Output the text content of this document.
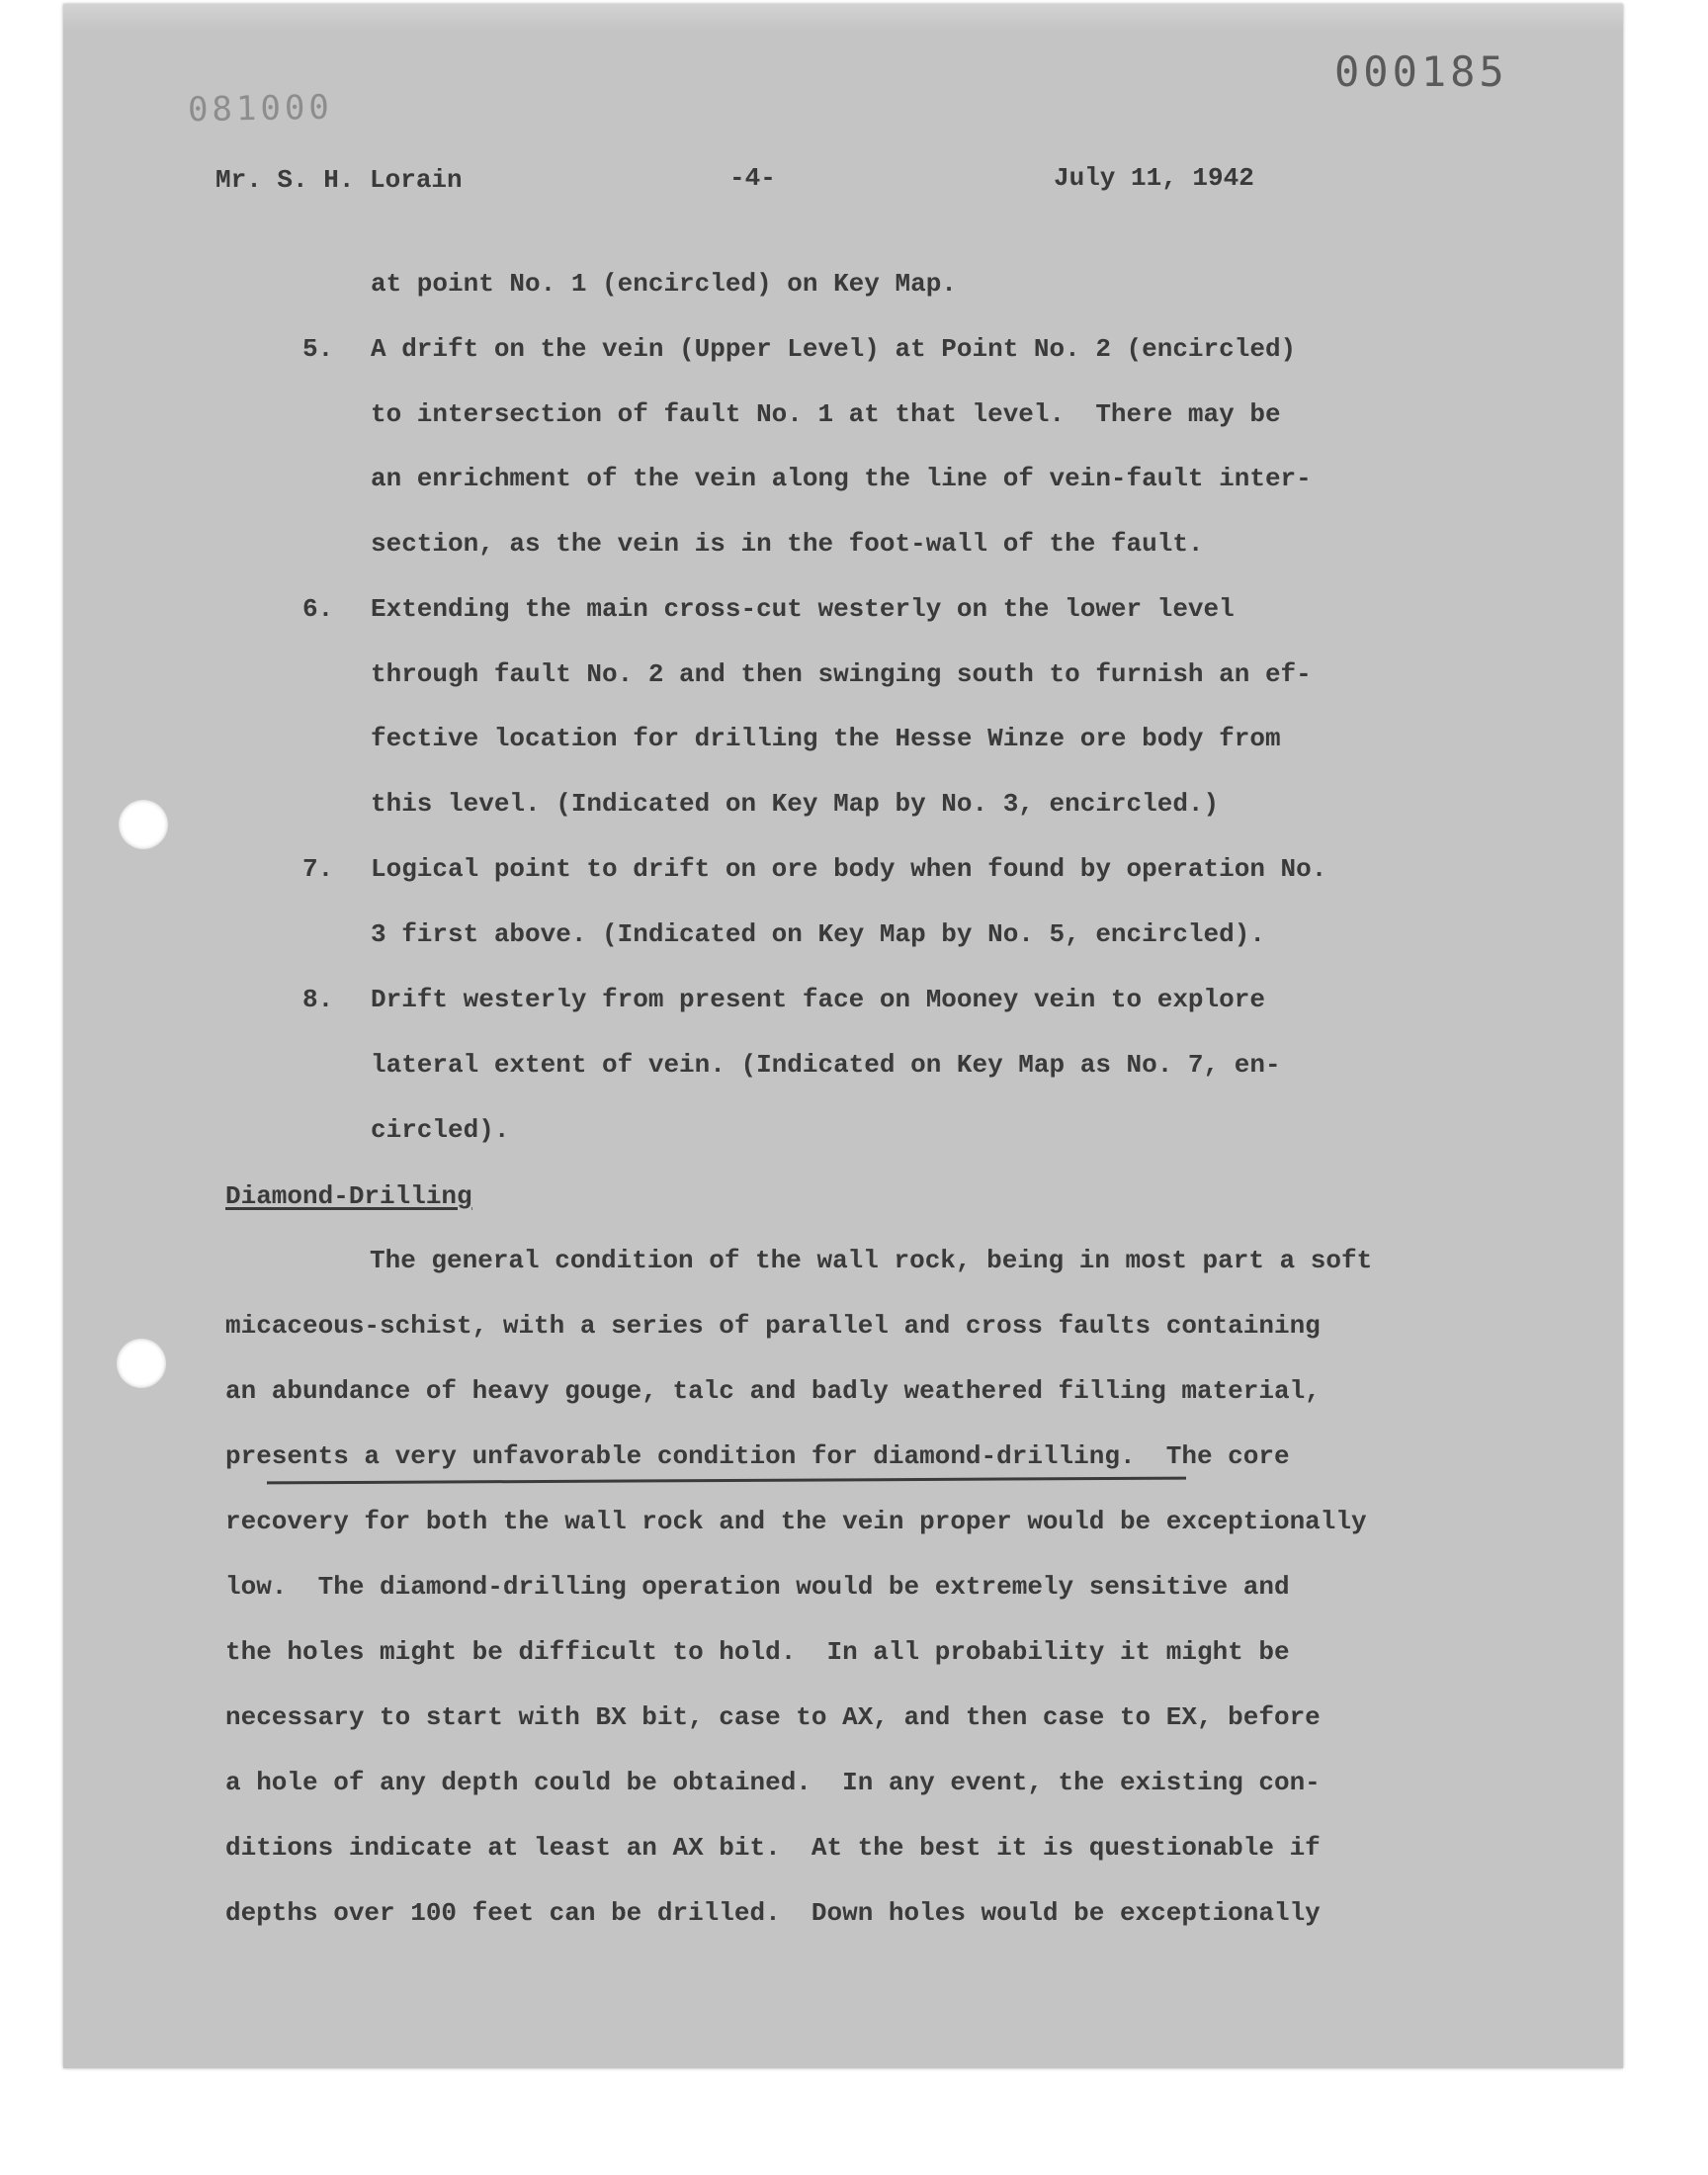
000185
081000
Mr. S. H. Lorain	-4-	July 11, 1942
at point No. 1 (encircled) on Key Map.
5. A drift on the vein (Upper Level) at Point No. 2 (encircled)
to intersection of fault No. 1 at that level.  There may be
an enrichment of the vein along the line of vein-fault inter-
section, as the vein is in the foot-wall of the fault.
6. Extending the main cross-cut westerly on the lower level
through fault No. 2 and then swinging south to furnish an ef-
fective location for drilling the Hesse Winze ore body from
this level. (Indicated on Key Map by No. 3, encircled.)
7. Logical point to drift on ore body when found by operation No.
3 first above. (Indicated on Key Map by No. 5, encircled).
8. Drift westerly from present face on Mooney vein to explore
lateral extent of vein. (Indicated on Key Map as No. 7, en-
circled).
Diamond-Drilling
The general condition of the wall rock, being in most part a soft
micaceous-schist, with a series of parallel and cross faults containing
an abundance of heavy gouge, talc and badly weathered filling material,
presents a very unfavorable condition for diamond-drilling.  The core
recovery for both the wall rock and the vein proper would be exceptionally
low.  The diamond-drilling operation would be extremely sensitive and
the holes might be difficult to hold.  In all probability it might be
necessary to start with BX bit, case to AX, and then case to EX, before
a hole of any depth could be obtained.  In any event, the existing con-
ditions indicate at least an AX bit.  At the best it is questionable if
depths over 100 feet can be drilled.  Down holes would be exceptionally
